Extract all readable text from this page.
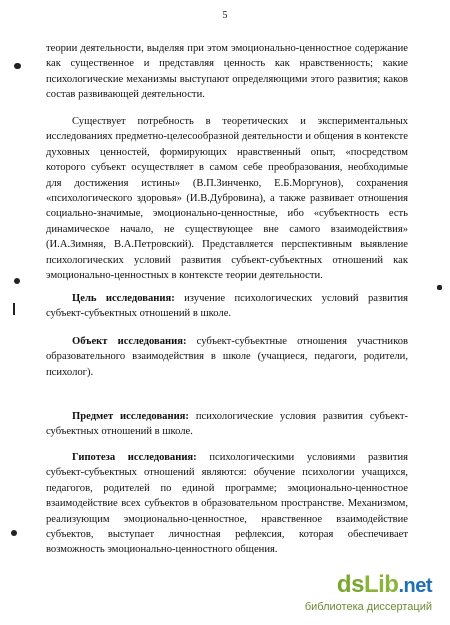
5
теории деятельности, выделяя при этом эмоционально-ценностное содержание
как существенное и представляя ценность как нравственность; какие
психологические механизмы выступают определяющими этого развития; каков
состав развивающей деятельности.
Существует потребность в теоретических и экспериментальных
исследованиях предметно-целесообразной деятельности и общения в контексте
духовных ценностей, формирующих нравственный опыт, «посредством
которого субъект осуществляет в самом себе преобразования, необходимые
для достижения истины» (В.П.Зинченко, Е.Б.Моргунов), сохранения
«психологического здоровья» (И.В.Дубровина), а также развивает отношения
социально-значимые, эмоционально-ценностные, ибо «субъектность есть
динамическое начало, не существующее вне самого взаимодействия»
(И.А.Зимняя, В.А.Петровский). Представляется перспективным выявление
психологических условий развития субъект-субъектных отношений как
эмоционально-ценностных в контексте теории деятельности.
Цель исследования: изучение психологических условий развития
субъект-субъектных отношений в школе.
Объект исследования: субъект-субъектные отношения участников
образовательного взаимодействия в школе (учащиеся, педагоги, родители,
психолог).
Предмет исследования: психологические условия развития субъект-
субъектных отношений в школе.
Гипотеза исследования: психологическими условиями развития
субъект-субъектных отношений являются: обучение психологии учащихся,
педагогов, родителей по единой программе; эмоционально-ценностное
взаимодействие всех субъектов в образовательном пространстве. Механизмом,
реализующим эмоционально-ценностное, нравственное взаимодействие
субъектов, выступает личностная рефлексия, которая обеспечивает
возможность эмоционально-ценностного общения.
dsLib.net
библиотека диссертаций
